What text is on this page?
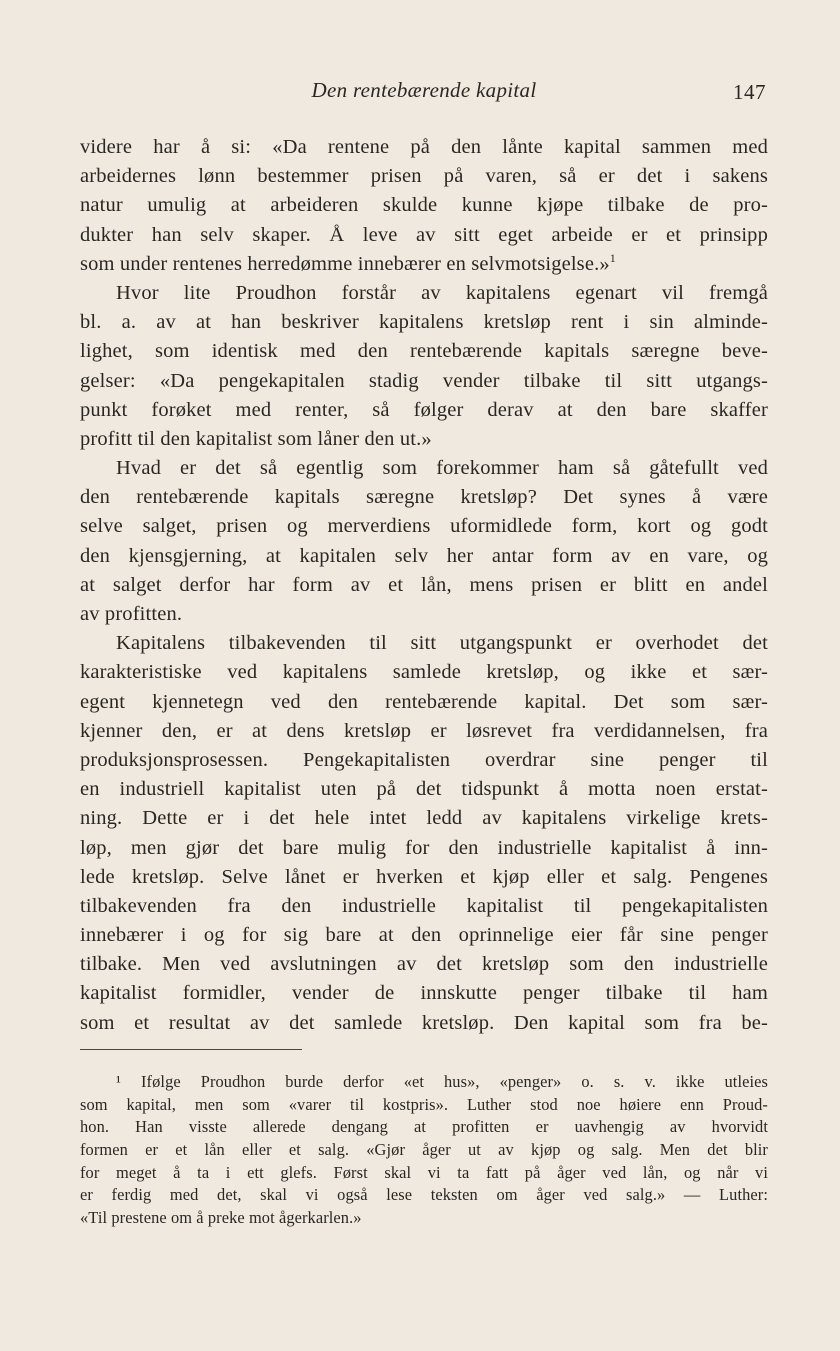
Den rentebærende kapital	147
videre har å si: «Da rentene på den lånte kapital sammen med
arbeidernes lønn bestemmer prisen på varen, så er det i sakens
natur umulig at arbeideren skulde kunne kjøpe tilbake de pro-
dukter han selv skaper. Å leve av sitt eget arbeide er et prinsipp
som under rentenes herredømme innebærer en selvmotsigelse.»$^1$
Hvor lite Proudhon forstår av kapitalens egenart vil fremgå
bl. a. av at han beskriver kapitalens kretsløp rent i sin alminde-
lighet, som identisk med den rentebærende kapitals særegne beve-
gelser: «Da pengekapitalen stadig vender tilbake til sitt utgangs-
punkt forøket med renter, så følger derav at den bare skaffer
profitt til den kapitalist som låner den ut.»
Hvad er det så egentlig som forekommer ham så gåtefullt ved
den rentebærende kapitals særegne kretsløp? Det synes å være
selve salget, prisen og merverdiens uformidlede form, kort og godt
den kjensgjerning, at kapitalen selv her antar form av en vare, og
at salget derfor har form av et lån, mens prisen er blitt en andel
av profitten.
Kapitalens tilbakevenden til sitt utgangspunkt er overhodet det
karakteristiske ved kapitalens samlede kretsløp, og ikke et sær-
egent kjennetegn ved den rentebærende kapital. Det som sær-
kjenner den, er at dens kretsløp er løsrevet fra verdidannelsen, fra
produksjonsprosessen. Pengekapitalisten overdrar sine penger til
en industriell kapitalist uten på det tidspunkt å motta noen erstat-
ning. Dette er i det hele intet ledd av kapitalens virkelige krets-
løp, men gjør det bare mulig for den industrielle kapitalist å inn-
lede kretsløp. Selve lånet er hverken et kjøp eller et salg. Pengenes
tilbakevenden fra den industrielle kapitalist til pengekapitalisten
innebærer i og for sig bare at den oprinnelige eier får sine penger
tilbake. Men ved avslutningen av det kretsløp som den industrielle
kapitalist formidler, vender de innskutte penger tilbake til ham
som et resultat av det samlede kretsløp. Den kapital som fra be-
¹ Ifølge Proudhon burde derfor «et hus», «penger» o. s. v. ikke utleies
som kapital, men som «varer til kostpris». Luther stod noe høiere enn Proud-
hon. Han visste allerede dengang at profitten er uavhengig av hvorvidt
formen er et lån eller et salg. «Gjør åger ut av kjøp og salg. Men det blir
for meget å ta i ett glefs. Først skal vi ta fatt på åger ved lån, og når vi
er ferdig med det, skal vi også lese teksten om åger ved salg.» — Luther:
«Til prestene om å preke mot ågerkarlen.»
